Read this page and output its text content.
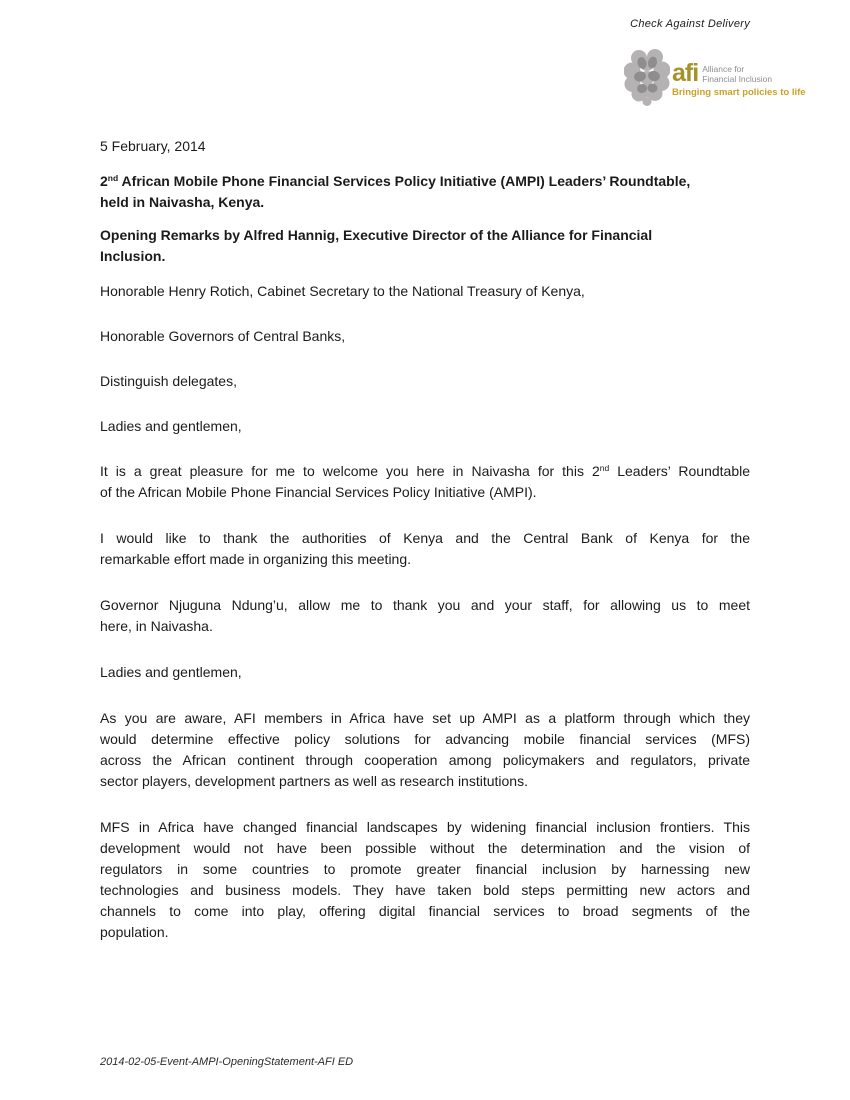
Check Against Delivery
afi Alliance for
Financial Inclusion
Bringing smart policies to life

5 February, 2014

2nd African Mobile Phone Financial Services Policy Initiative (AMPI) Leaders’ Roundtable,
held in Naivasha, Kenya.

Opening Remarks by Alfred Hannig, Executive Director of the Alliance for Financial
Inclusion.

Honorable Henry Rotich, Cabinet Secretary to the National Treasury of Kenya,

Honorable Governors of Central Banks,

Distinguish delegates,

Ladies and gentlemen,

It is a great pleasure for me to welcome you here in Naivasha for this 2nd Leaders’ Roundtable
of the African Mobile Phone Financial Services Policy Initiative (AMPI).

I would like to thank the authorities of Kenya and the Central Bank of Kenya for the
remarkable effort made in organizing this meeting.

Governor Njuguna Ndung’u, allow me to thank you and your staff, for allowing us to meet
here, in Naivasha.

Ladies and gentlemen,

As you are aware, AFI members in Africa have set up AMPI as a platform through which they
would determine effective policy solutions for advancing mobile financial services (MFS)
across the African continent through cooperation among policymakers and regulators, private
sector players, development partners as well as research institutions.

MFS in Africa have changed financial landscapes by widening financial inclusion frontiers. This
development would not have been possible without the determination and the vision of
regulators in some countries to promote greater financial inclusion by harnessing new
technologies and business models. They have taken bold steps permitting new actors and
channels to come into play, offering digital financial services to broad segments of the
population.

2014-02-05-Event-AMPI-OpeningStatement-AFI ED
